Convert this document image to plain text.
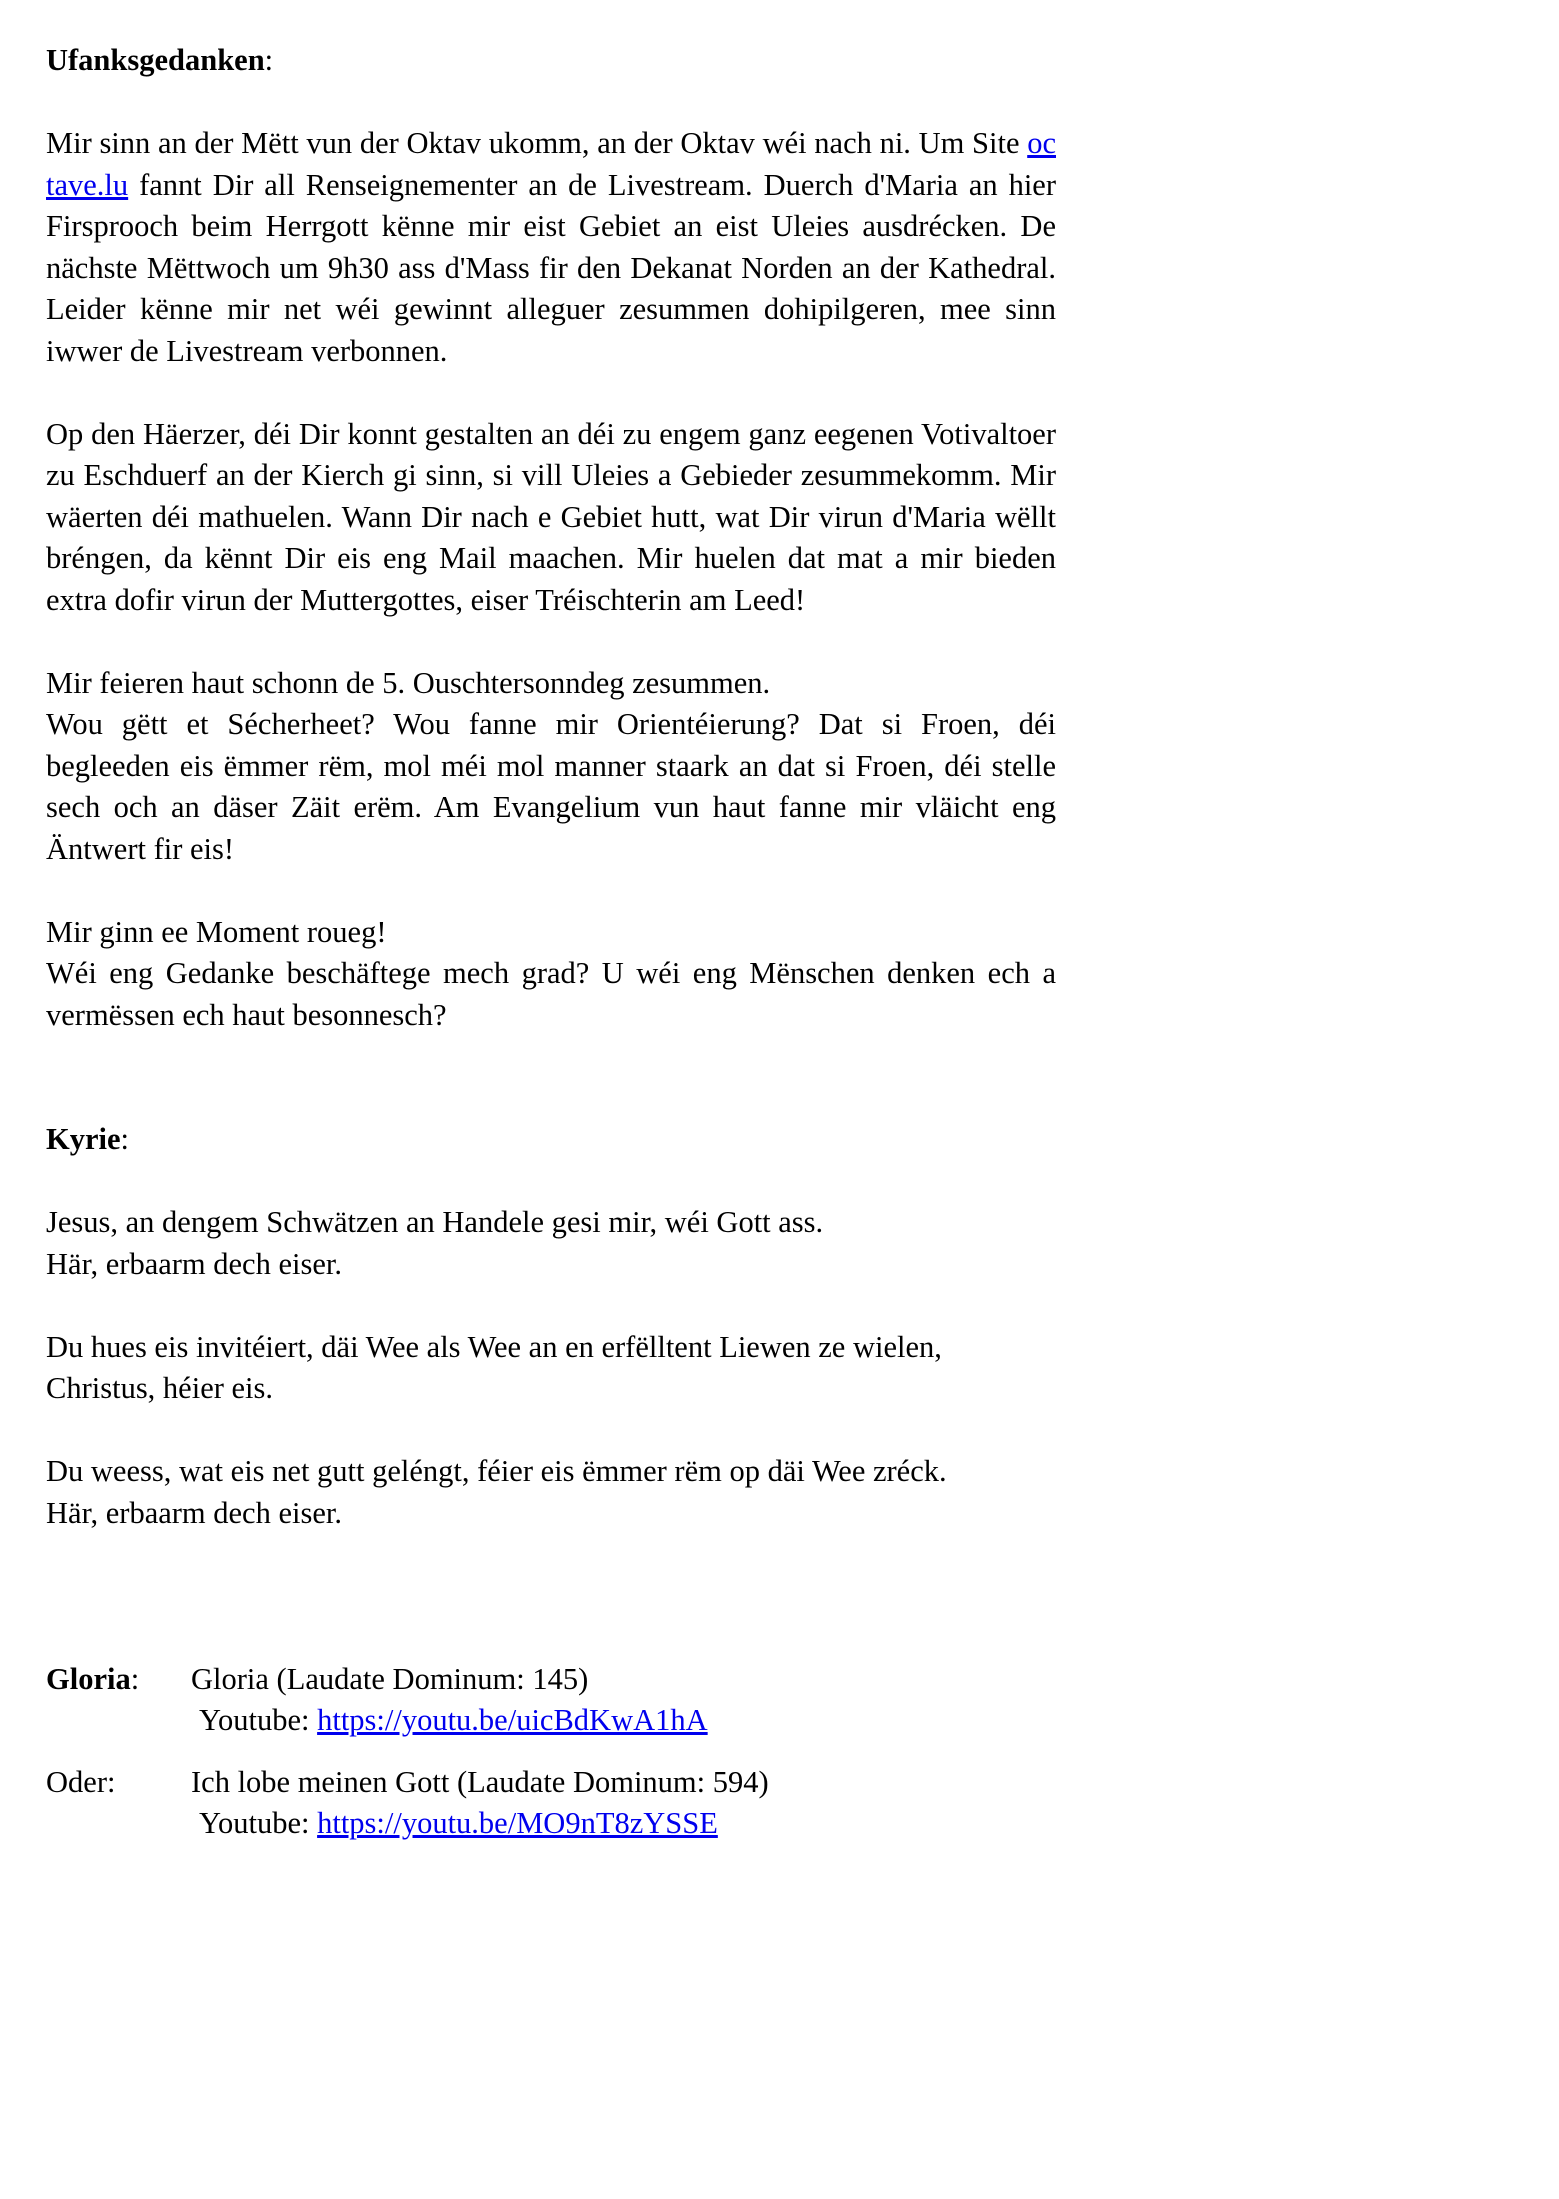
Ufanksgedanken:

Mir sinn an der Mëtt vun der Oktav ukomm, an der Oktav wéi nach ni. Um Site octave.lu fannt Dir all Renseignementer an de Livestream. Duerch d'Maria an hier Firsprooch beim Herrgott kënne mir eist Gebiet an eist Uleies ausdrécken. De nächste Mëttwoch um 9h30 ass d'Mass fir den Dekanat Norden an der Kathedral. Leider kënne mir net wéi gewinnt alleguer zesummen dohipilgeren, mee sinn iwwer de Livestream verbonnen.

Op den Häerzer, déi Dir konnt gestalten an déi zu engem ganz eegenen Votivaltoer zu Eschduerf an der Kierch gi sinn, si vill Uleies a Gebieder zesummekomm. Mir wäerten déi mathuelen. Wann Dir nach e Gebiet hutt, wat Dir virun d'Maria wëllt bréngen, da kënnt Dir eis eng Mail maachen. Mir huelen dat mat a mir bieden extra dofir virun der Muttergottes, eiser Tréischterin am Leed!

Mir feieren haut schonn de 5. Ouschtersonndeg zesummen.

Wou gëtt et Sécherheet? Wou fanne mir Orientéierung? Dat si Froen, déi begleeden eis ëmmer rëm, mol méi mol manner staark an dat si Froen, déi stelle sech och an däser Zäit erëm. Am Evangelium vun haut fanne mir vläicht eng Äntwert fir eis!

Mir ginn ee Moment roueg!

Wéi eng Gedanke beschäftege mech grad? U wéi eng Mënschen denken ech a vermëssen ech haut besonnesch?

Kyrie:
Jesus, an dengem Schwätzen an Handele gesi mir, wéi Gott ass.
Här, erbaarm dech eiser.
Du hues eis invitéiert, däi Wee als Wee an en erfëlltent Liewen ze wielen,
Christus, héier eis.
Du weess, wat eis net gutt geléngt, féier eis ëmmer rëm op däi Wee zréck.
Här, erbaarm dech eiser.
Gloria:	Gloria (Laudate Dominum: 145)
Youtube: https://youtu.be/uicBdKwA1hA
Oder:	Ich lobe meinen Gott (Laudate Dominum: 594)
Youtube: https://youtu.be/MO9nT8zYSSE
